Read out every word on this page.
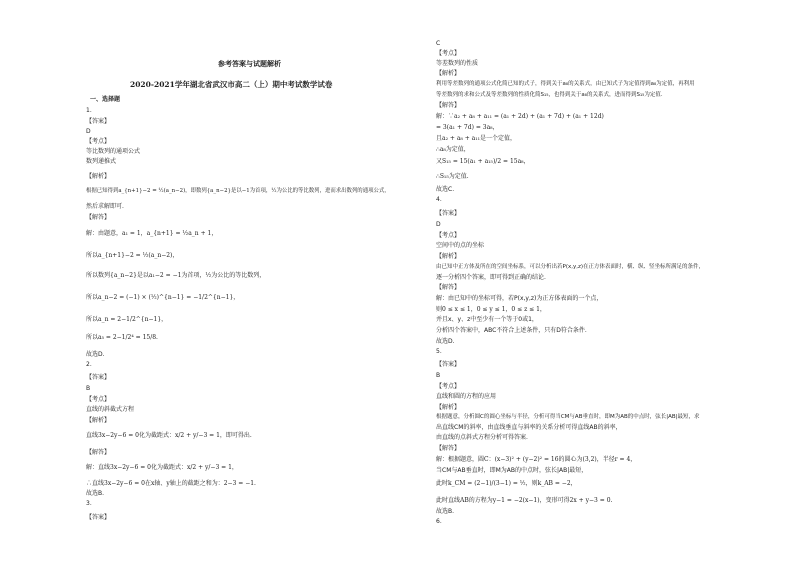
参考答案与试题解析
2020-2021学年湖北省武汉市高二（上）期中考试数学试卷
一、选择题
1.
【答案】
D
【考点】
等比数列的通项公式
数列递推式
【解析】
根据已知得到a_{n+1}−2 = ½(a_n−2)，即数列{a_n−2}是以−1为首项，½为公比的等比数列，进而求出数列的通项公式，
然后求解即可.
【解答】
解：由题意，a₁ = 1，a_{n+1} = ½a_n + 1，
所以a_{n+1}−2 = ½(a_n−2)，
所以数列{a_n−2}是以a₁−2 = −1为首项，½为公比的等比数列，
所以a_n−2 = (−1) × (½)^{n−1} = −1/2^{n−1}，
所以a_n = 2−1/2^{n−1}，
所以a₅ = 2−1/2⁴ = 15/8.
故选D.
2.
【答案】
B
【考点】
直线的斜截式方程
【解析】
直线3x−2y−6 = 0化为截距式：x/2 + y/−3 = 1，即可得出.
【解答】
解：直线3x−2y−6 = 0化为截距式：x/2 + y/−3 = 1，
∴直线3x−2y−6 = 0在x轴、y轴上的截距之和为：2−3 = −1.
故选B.
3.
【答案】
C
【考点】
等差数列的性质
【解析】
利用等差数列的通项公式化简已知的式子，得到关于a₈的关系式，由已知式子为定值得到a₈为定值，再利用
等差数列的求和公式及等差数列的性质化简S₁₅，也得到关于a₈的关系式，进而得到S₁₅为定值.
【解答】
解：∵a₂ + a₈ + a₁₁ = (a₁ + 2d) + (a₁ + 7d) + (a₁ + 12d)
= 3(a₁ + 7d) = 3a₈，
且a₂ + a₈ + a₁₁是一个定值，
∴a₈为定值，
又S₁₅ = 15(a₁ + a₁₅)/2 = 15a₈，
∴S₁₅为定值.
故选C.
4.
【答案】
D
【考点】
空间中的点的坐标
【解析】
由已知中正方体及所在的空间坐标系，可以分析出若P(x,y,z)在正方体表面时，横、纵、竖坐标所满足的条件，
逐一分析四个答案，即可得到正确的结论.
【解答】
解：由已知中的坐标可得，若P(x,y,z)为正方体表面的一个点，
则0 ≤ x ≤ 1，0 ≤ y ≤ 1，0 ≤ z ≤ 1，
并且x、y、z中至少有一个等于0或1，
分析四个答案中，ABC不符合上述条件，只有D符合条件.
故选D.
5.
【答案】
B
【考点】
直线和圆的方程的应用
【解析】
根据题意，分析圆C的圆心坐标与半径，分析可得当CM与AB垂直时，即M为AB的中点时，弦长|AB|最短，求
出直线CM的斜率，由直线垂直与斜率的关系分析可得直线AB的斜率，
由直线的点斜式方程分析可得答案.
【解答】
解：根据题意，圆C：(x−3)² + (y−2)² = 16的圆心为(3,2)，半径r = 4，
当CM与AB垂直时，即M为AB的中点时，弦长|AB|最短，
此时k_CM = (2−1)/(3−1) = ½，则k_AB = −2，
此时直线AB的方程为y−1 = −2(x−1)，变形可得2x + y−3 = 0.
故选B.
6.
